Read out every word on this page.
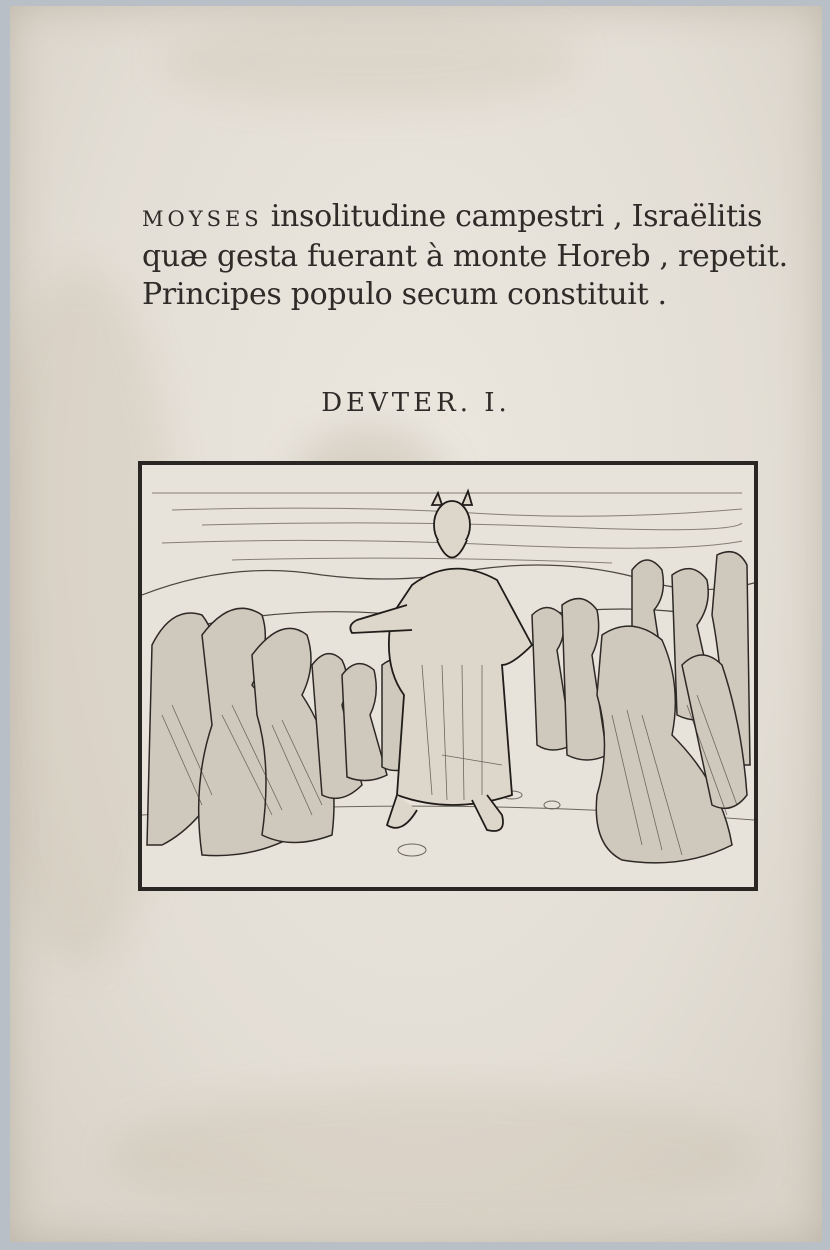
MOYSES insolitudine campestri , Israëlitis
quæ gesta fuerant à monte Horeb , repetit.
Principes populo secum constituit .
DEVTER. I.
